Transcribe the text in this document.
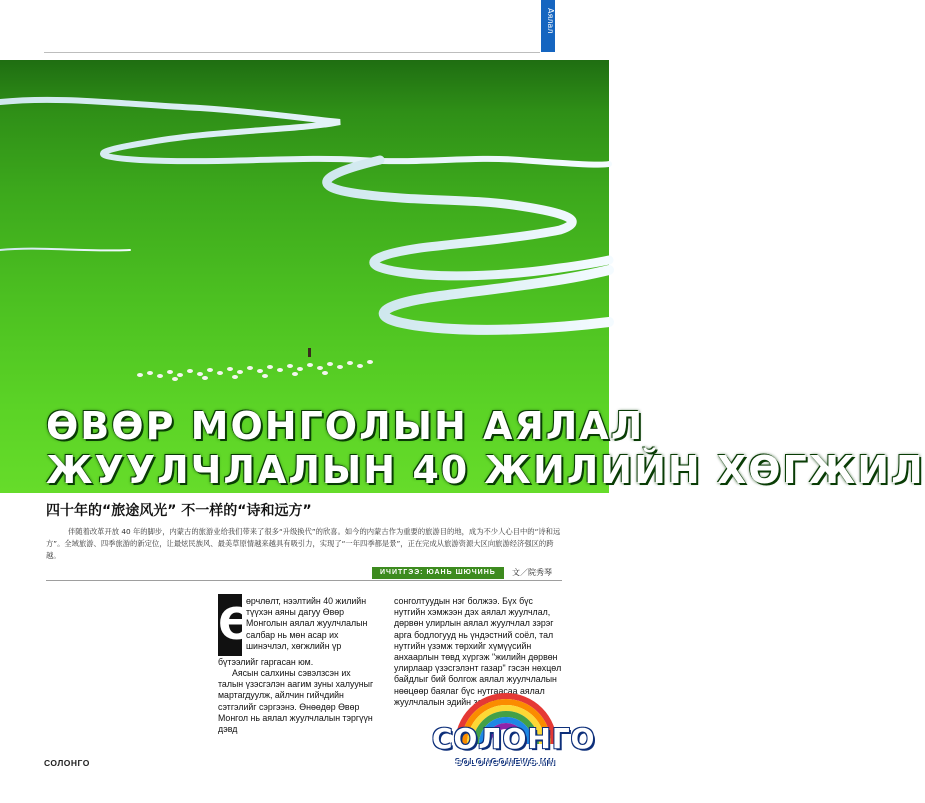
Аялал
ӨВӨР МОНГОЛЫН АЯЛАЛ
ЖУУЛЧЛАЛЫН 40 ЖИЛИЙН ХӨГЖИЛ
四十年的“旅途风光” 不一样的“诗和远方”
伴随着改革开放 40 年的脚步，内蒙古的旅游业给我们带来了很多“升级换代”的欣喜。如今的内蒙古作为重要的旅游目的地，成为不少人心目中的“诗和远方”。全域旅游、四季旅游的新定位，让最炫民族风、最美草原情越来越具有吸引力，实现了“一年四季都是景”，正在完成从旅游资源大区向旅游经济强区的跨越。
ИЧИТГЭЭ: ЮАНЬ ШЮЧИНЬ	文／院秀琴
Ө
өрчлөлт, нээлтийн 40 жилийн түүхэн аяны дагуу Өвөр Монголын аялал жуулчлалын салбар нь мөн асар их шинэчлэл, хөгжлийн үр
бүтээлийг гаргасан юм.
Аясын салхины сэвэлзсэн их талын үзэсгэлэн аагим зуны халууныг мартагдуулж, айлчин гийчдийн сэтгэлийг сэргээнэ. Өнөөдөр Өвөр Монгол нь аялал жуулчлалын тэргүүн дэвд
сонголтуудын нэг болжээ. Бүх бүс нутгийн хэмжээн дэх аялал жуулчлал, дөрвөн улирлын аялал жуулчлал зэрэг арга бодлогууд нь үндэстний соёл, тал нутгийн үзэмж төрхийг хүмүүсийн анхаарлын төвд хүргэж "жилийн дөрвөн улирлаар үзэсгэлэнт газар" гэсэн нөхцөл байдлыг бий болгож аялал жуулчлалын нөөцөөр баялаг бүс нутгаасаа аялал жуулчлалын эдийн засгийн
СОЛОНГО
СОЛОНГО
SOLONGONEWS.MN
